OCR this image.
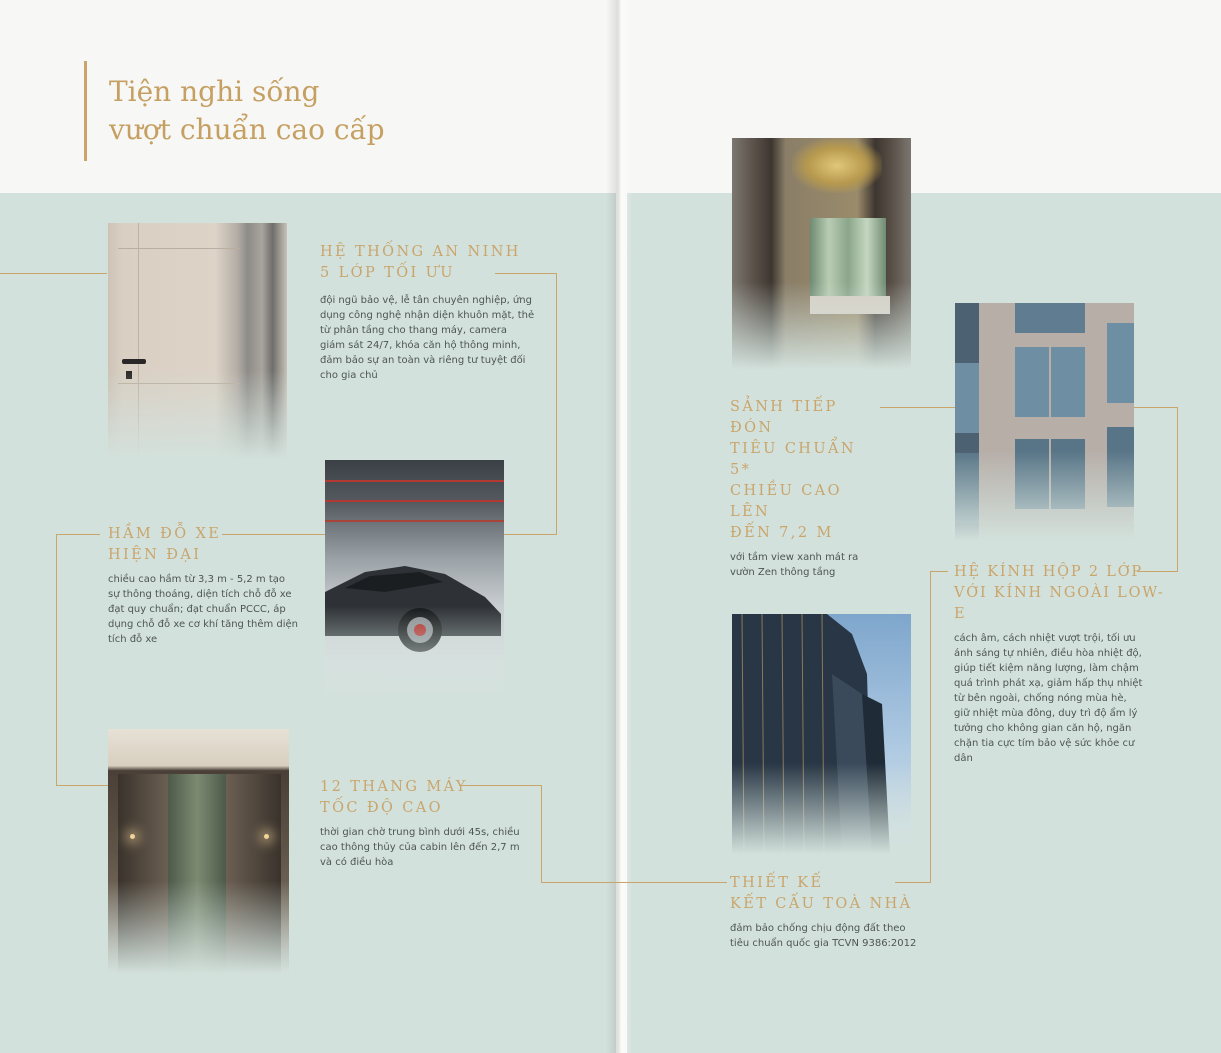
Tiện nghi sống
vượt chuẩn cao cấp
HỆ THỐNG AN NINH
5 LỚP TỐI ƯU
đội ngũ bảo vệ, lễ tân chuyên nghiệp, ứng dụng công nghệ nhận diện khuôn mặt, thẻ từ phân tầng cho thang máy, camera giám sát 24/7, khóa căn hộ thông minh, đảm bảo sự an toàn và riêng tư tuyệt đối cho gia chủ
HẦM ĐỖ XE
HIỆN ĐẠI
chiều cao hầm từ 3,3 m - 5,2 m tạo sự thông thoáng, diện tích chỗ đỗ xe đạt quy chuẩn; đạt chuẩn PCCC, áp dụng chỗ đỗ xe cơ khí tăng thêm diện tích đỗ xe
12 THANG MÁY
TỐC ĐỘ CAO
thời gian chờ trung bình dưới 45s, chiều cao thông thủy của cabin lên đến 2,7 m và có điều hòa
SẢNH TIẾP ĐÓN
TIÊU CHUẨN 5*
CHIỀU CAO LÊN
ĐẾN 7,2 M
với tầm view xanh mát ra vườn Zen thông tầng	HỆ KÍNH HỘP 2 LỚP
VỚI KÍNH NGOÀI LOW-E
cách âm, cách nhiệt vượt trội, tối ưu ánh sáng tự nhiên, điều hòa nhiệt độ, giúp tiết kiệm năng lượng, làm chậm quá trình phát xạ, giảm hấp thụ nhiệt từ bên ngoài, chống nóng mùa hè, giữ nhiệt mùa đông, duy trì độ ẩm lý tưởng cho không gian căn hộ, ngăn chặn tia cực tím bảo vệ sức khỏe cư dân
THIẾT KẾ
KẾT CẤU TOÀ NHÀ
đảm bảo chống chịu động đất theo tiêu chuẩn quốc gia TCVN 9386:2012
